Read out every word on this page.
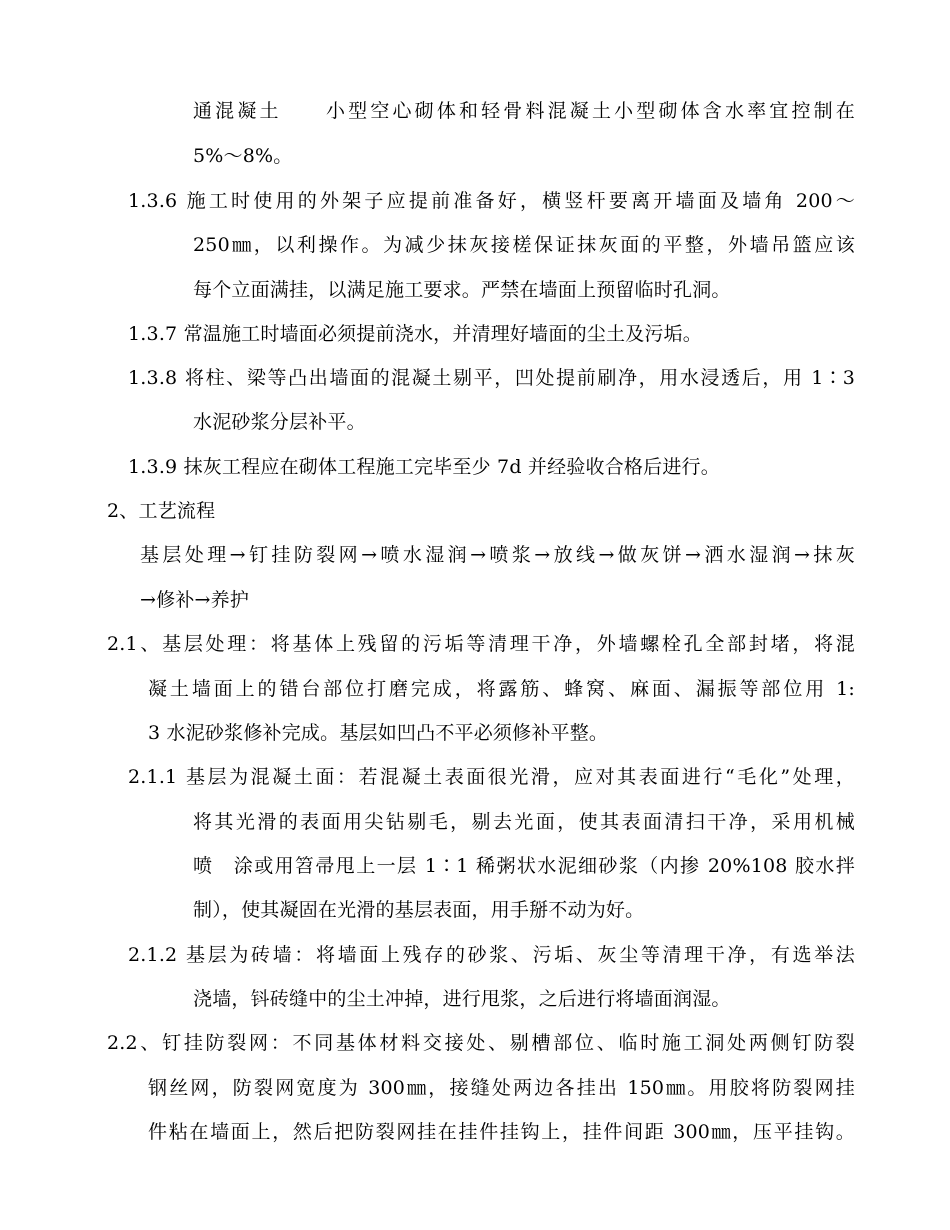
通混凝土　　小型空心砌体和轻骨料混凝土小型砌体含水率宜控制在
5%～8%。
1.3.6 施工时使用的外架子应提前准备好，横竖杆要离开墙面及墙角 200～
250㎜，以利操作。为减少抹灰接槎保证抹灰面的平整，外墙吊篮应该
每个立面满挂，以满足施工要求。严禁在墙面上预留临时孔洞。
1.3.7 常温施工时墙面必须提前浇水，并清理好墙面的尘土及污垢。
1.3.8 将柱、梁等凸出墙面的混凝土剔平，凹处提前刷净，用水浸透后，用 1∶3
水泥砂浆分层补平。
1.3.9 抹灰工程应在砌体工程施工完毕至少 7d 并经验收合格后进行。
2、工艺流程
基层处理→钉挂防裂网→喷水湿润→喷浆→放线→做灰饼→洒水湿润→抹灰
→修补→养护
2.1、基层处理：将基体上残留的污垢等清理干净，外墙螺栓孔全部封堵，将混
凝土墙面上的错台部位打磨完成，将露筋、蜂窝、麻面、漏振等部位用 1:
3 水泥砂浆修补完成。基层如凹凸不平必须修补平整。
2.1.1 基层为混凝土面：若混凝土表面很光滑，应对其表面进行“毛化”处理，
将其光滑的表面用尖钻剔毛，剔去光面，使其表面清扫干净，采用机械
喷　涂或用笤帚甩上一层 1∶1 稀粥状水泥细砂浆（内掺 20%108 胶水拌
制），使其凝固在光滑的基层表面，用手掰不动为好。
2.1.2 基层为砖墙：将墙面上残存的砂浆、污垢、灰尘等清理干净，有选举法
浇墙，钭砖缝中的尘土冲掉，进行甩浆，之后进行将墙面润湿。
2.2、钉挂防裂网：不同基体材料交接处、剔槽部位、临时施工洞处两侧钉防裂
钢丝网，防裂网宽度为 300㎜，接缝处两边各挂出 150㎜。用胶将防裂网挂
件粘在墙面上，然后把防裂网挂在挂件挂钩上，挂件间距 300㎜，压平挂钩。
